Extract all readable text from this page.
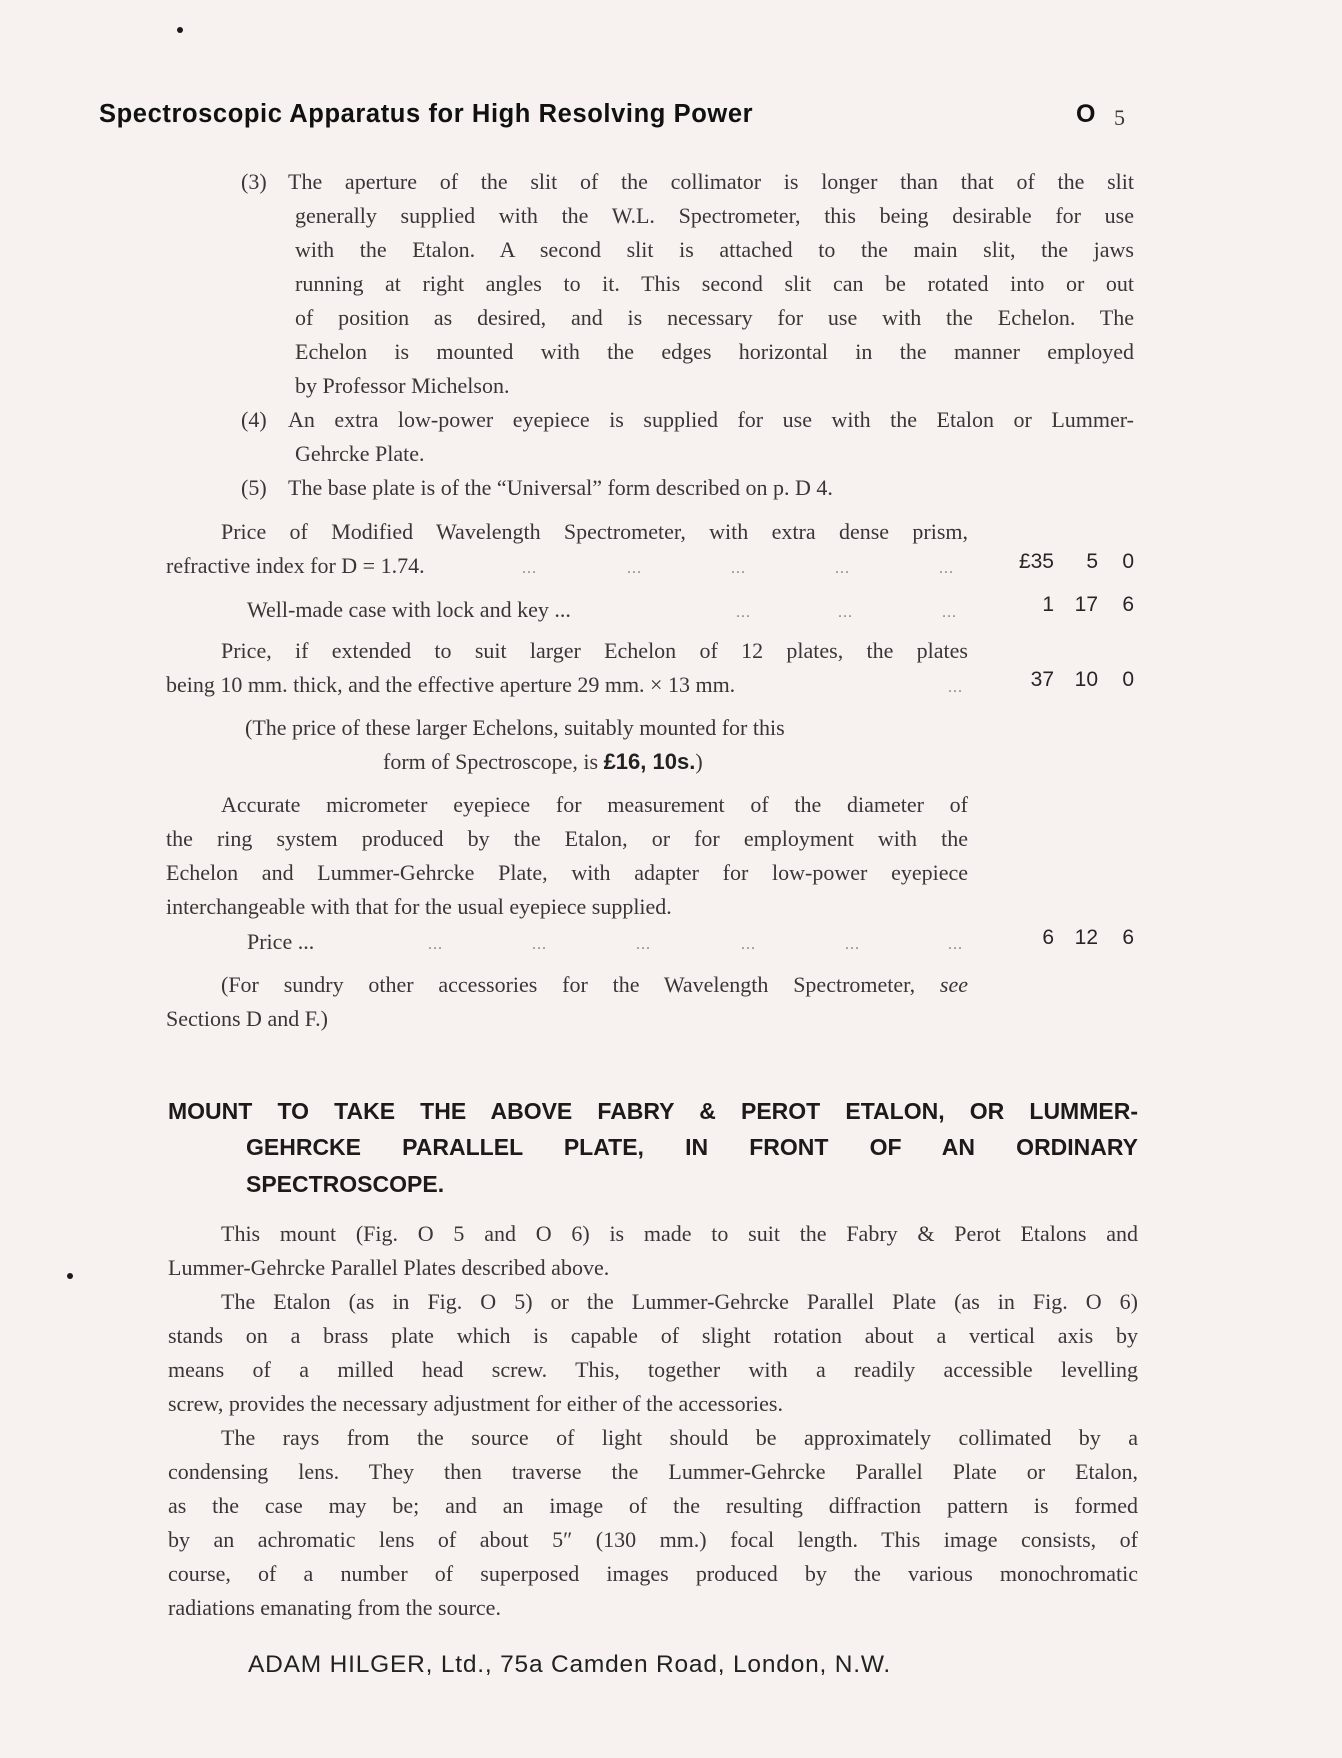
Spectroscopic Apparatus for High Resolving Power	O 5
(3) The aperture of the slit of the collimator is longer than that of the slit
generally supplied with the W.L. Spectrometer, this being desirable for use
with the Etalon. A second slit is attached to the main slit, the jaws
running at right angles to it. This second slit can be rotated into or out
of position as desired, and is necessary for use with the Echelon. The
Echelon is mounted with the edges horizontal in the manner employed
by Professor Michelson.
(4) An extra low-power eyepiece is supplied for use with the Etalon or Lummer-
Gehrcke Plate.
(5) The base plate is of the “Universal” form described on p. D 4.
Price of Modified Wavelength Spectrometer, with extra dense prism,
refractive index for D = 1.74.	...	...	...	...	...	£35	5	0
Well-made case with lock and key ...	...	...	...	1 17	6
Price, if extended to suit larger Echelon of 12 plates, the plates
being 10 mm. thick, and the effective aperture 29 mm. × 13 mm.	...	37 10	0
(The price of these larger Echelons, suitably mounted for this
form of Spectroscope, is £16, 10s.)
Accurate micrometer eyepiece for measurement of the diameter of
the ring system produced by the Etalon, or for employment with the
Echelon and Lummer-Gehrcke Plate, with adapter for low-power eyepiece
interchangeable with that for the usual eyepiece supplied.
Price ...	...	...	...	...	...	...	6 12	6
(For sundry other accessories for the Wavelength Spectrometer, see
Sections D and F.)
MOUNT TO TAKE THE ABOVE FABRY & PEROT ETALON, OR LUMMER-
GEHRCKE PARALLEL PLATE, IN FRONT OF AN ORDINARY
SPECTROSCOPE.
This mount (Fig. O 5 and O 6) is made to suit the Fabry & Perot Etalons and
Lummer-Gehrcke Parallel Plates described above.
The Etalon (as in Fig. O 5) or the Lummer-Gehrcke Parallel Plate (as in Fig. O 6)
stands on a brass plate which is capable of slight rotation about a vertical axis by
means of a milled head screw. This, together with a readily accessible levelling
screw, provides the necessary adjustment for either of the accessories.
The rays from the source of light should be approximately collimated by a
condensing lens. They then traverse the Lummer-Gehrcke Parallel Plate or Etalon,
as the case may be; and an image of the resulting diffraction pattern is formed
by an achromatic lens of about 5″ (130 mm.) focal length. This image consists, of
course, of a number of superposed images produced by the various monochromatic
radiations emanating from the source.
ADAM HILGER, Ltd., 75a Camden Road, London, N.W.
